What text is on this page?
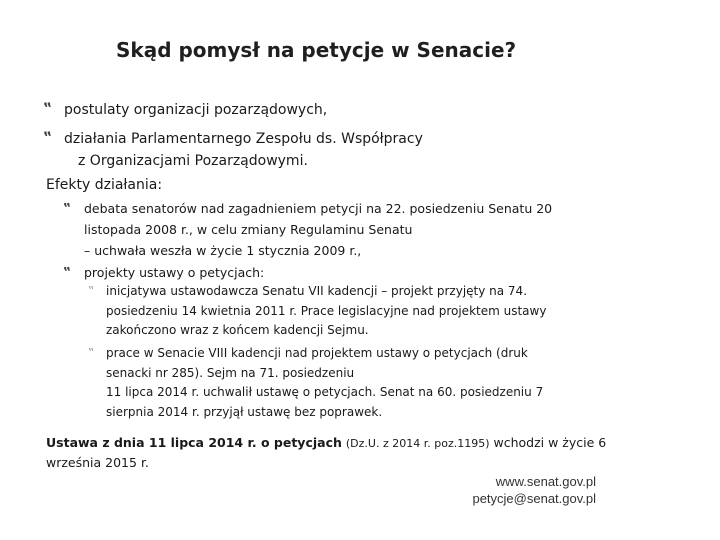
Skąd pomysł na petycje w Senacie?
‟ postulaty organizacji pozarządowych,
‟ działania Parlamentarnego Zespołu ds. Współpracy
z Organizacjami Pozarządowymi.
Efekty działania:
‟ debata senatorów nad zagadnieniem petycji na 22. posiedzeniu Senatu 20
listopada 2008 r., w celu zmiany Regulaminu Senatu
– uchwała weszła w życie 1 stycznia 2009 r.,
‟ projekty ustawy o petycjach:
‟ inicjatywa ustawodawcza Senatu VII kadencji – projekt przyjęty na 74.
posiedzeniu 14 kwietnia 2011 r. Prace legislacyjne nad projektem ustawy
zakończono wraz z końcem kadencji Sejmu.
‟ prace w Senacie VIII kadencji nad projektem ustawy o petycjach (druk
senacki nr 285). Sejm na 71. posiedzeniu
11 lipca 2014 r. uchwalił ustawę o petycjach. Senat na 60. posiedzeniu 7
sierpnia 2014 r. przyjął ustawę bez poprawek.
Ustawa z dnia 11 lipca 2014 r. o petycjach (Dz.U. z 2014 r. poz.1195) wchodzi w życie 6
września 2015 r.
www.senat.gov.pl
petycje@senat.gov.pl
